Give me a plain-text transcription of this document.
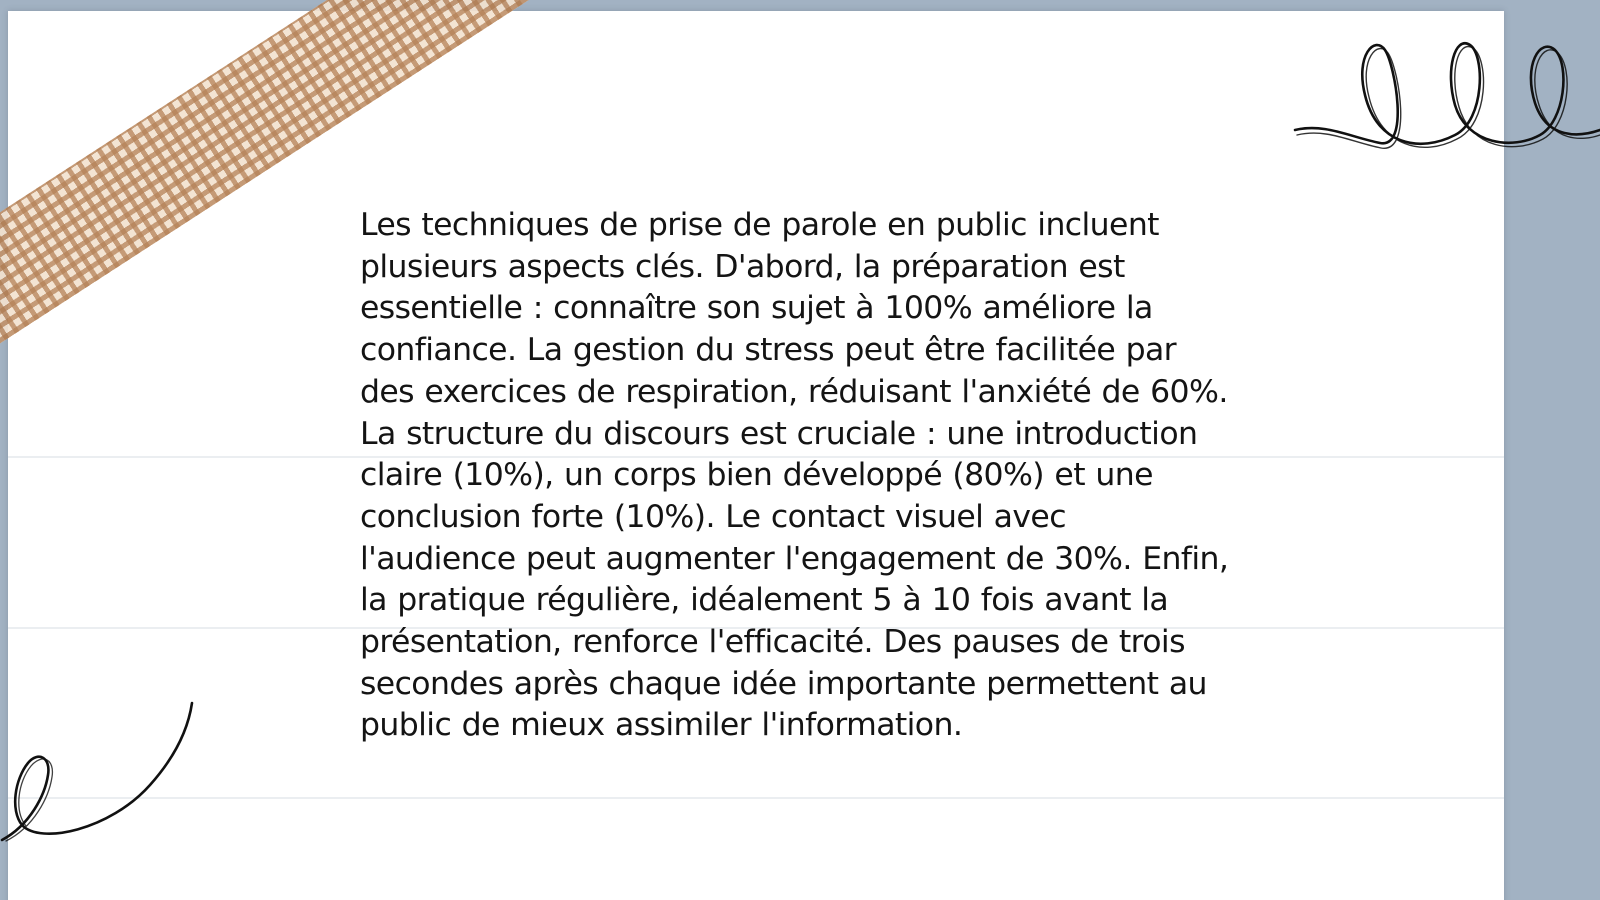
Les techniques de prise de parole en public incluent plusieurs aspects clés. D'abord, la préparation est essentielle : connaître son sujet à 100% améliore la confiance. La gestion du stress peut être facilitée par des exercices de respiration, réduisant l'anxiété de 60%. La structure du discours est cruciale : une introduction claire (10%), un corps bien développé (80%) et une conclusion forte (10%). Le contact visuel avec l'audience peut augmenter l'engagement de 30%. Enfin, la pratique régulière, idéalement 5 à 10 fois avant la présentation, renforce l'efficacité. Des pauses de trois secondes après chaque idée importante permettent au public de mieux assimiler l'information.
